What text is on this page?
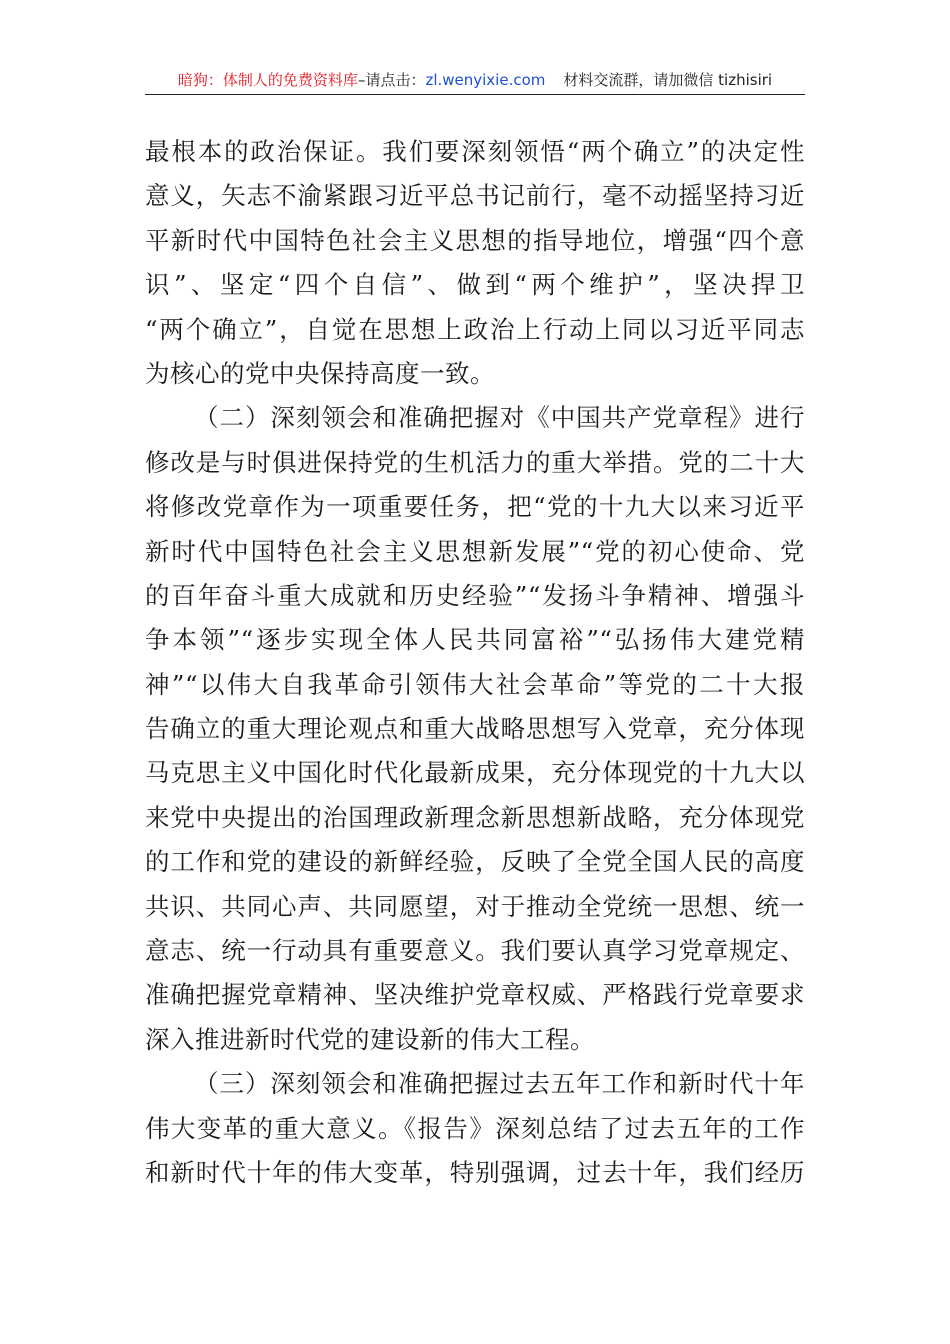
暗狗：体制人的免费资料库–请点击：zl.wenyixie.com 材料交流群，请加微信 tizhisiri
最根本的政治保证。我们要深刻领悟“两个确立”的决定性
意义，矢志不渝紧跟习近平总书记前行，毫不动摇坚持习近
平新时代中国特色社会主义思想的指导地位，增强“四个意
识”、坚定“四个自信”、做到“两个维护”，坚决捍卫
“两个确立”，自觉在思想上政治上行动上同以习近平同志
为核心的党中央保持高度一致。
（二）深刻领会和准确把握对《中国共产党章程》进行
修改是与时俱进保持党的生机活力的重大举措。党的二十大
将修改党章作为一项重要任务，把“党的十九大以来习近平
新时代中国特色社会主义思想新发展”“党的初心使命、党
的百年奋斗重大成就和历史经验”“发扬斗争精神、增强斗
争本领”“逐步实现全体人民共同富裕”“弘扬伟大建党精
神”“以伟大自我革命引领伟大社会革命”等党的二十大报
告确立的重大理论观点和重大战略思想写入党章，充分体现
马克思主义中国化时代化最新成果，充分体现党的十九大以
来党中央提出的治国理政新理念新思想新战略，充分体现党
的工作和党的建设的新鲜经验，反映了全党全国人民的高度
共识、共同心声、共同愿望，对于推动全党统一思想、统一
意志、统一行动具有重要意义。我们要认真学习党章规定、
准确把握党章精神、坚决维护党章权威、严格践行党章要求
深入推进新时代党的建设新的伟大工程。
（三）深刻领会和准确把握过去五年工作和新时代十年
伟大变革的重大意义。《报告》深刻总结了过去五年的工作
和新时代十年的伟大变革，特别强调，过去十年，我们经历
